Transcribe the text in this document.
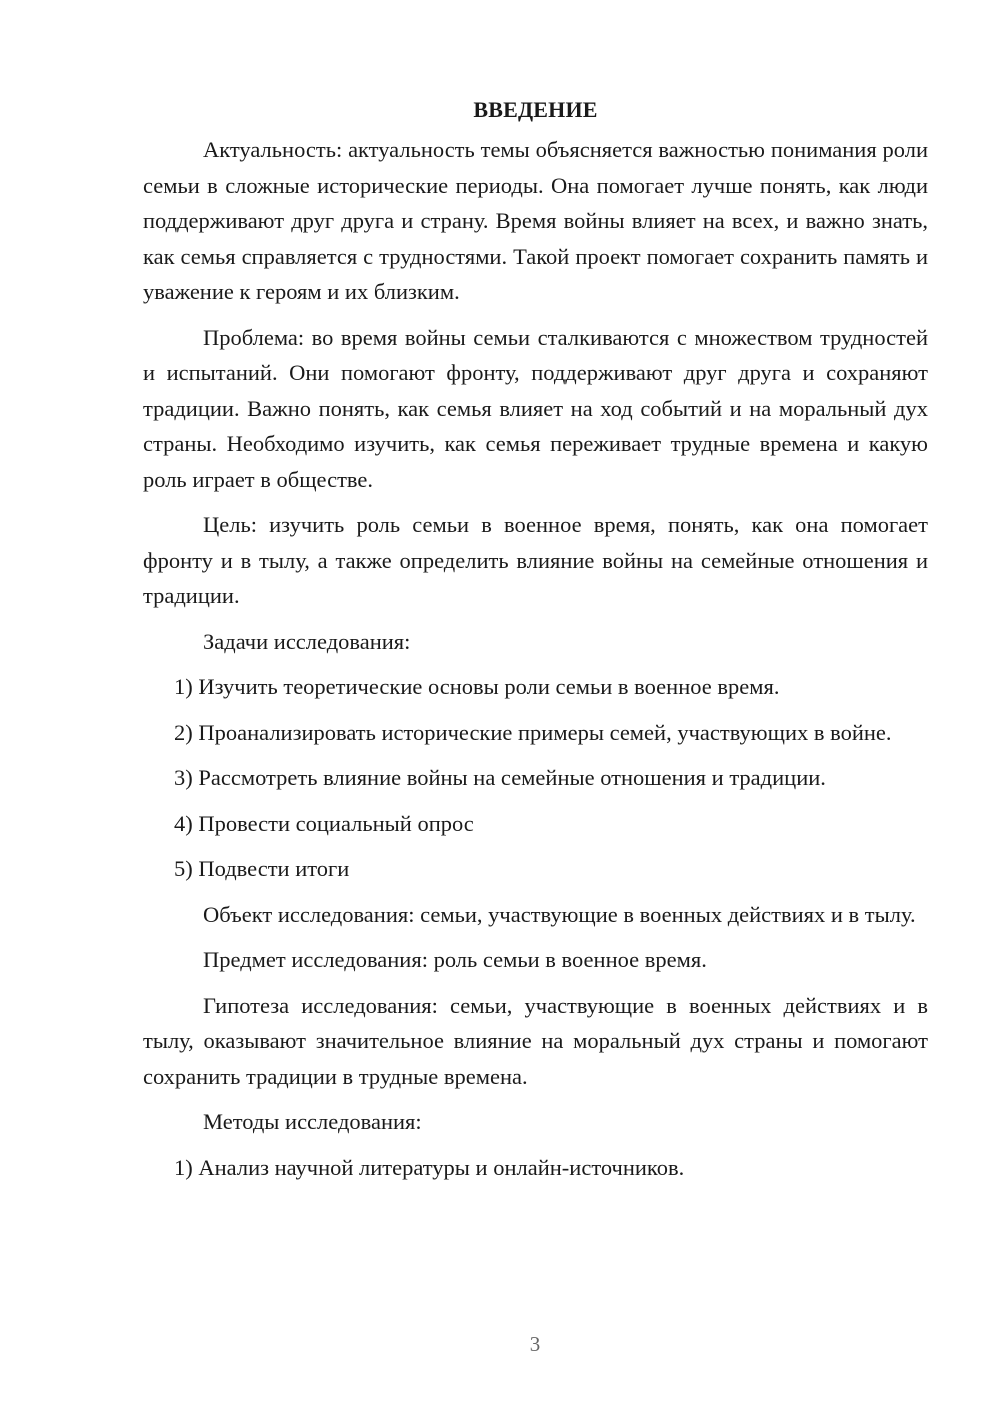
ВВЕДЕНИЕ

Актуальность: актуальность темы объясняется важностью понимания роли семьи в сложные исторические периоды. Она помогает лучше понять, как люди поддерживают друг друга и страну. Время войны влияет на всех, и важно знать, как семья справляется с трудностями. Такой проект помогает сохранить память и уважение к героям и их близким.

Проблема: во время войны семьи сталкиваются с множеством трудностей и испытаний. Они помогают фронту, поддерживают друг друга и сохраняют традиции. Важно понять, как семья влияет на ход событий и на моральный дух страны. Необходимо изучить, как семья переживает трудные времена и какую роль играет в обществе.

Цель: изучить роль семьи в военное время, понять, как она помогает фронту и в тылу, а также определить влияние войны на семейные отношения и традиции.

Задачи исследования:

1) Изучить теоретические основы роли семьи в военное время.

2) Проанализировать исторические примеры семей, участвующих в войне.

3) Рассмотреть влияние войны на семейные отношения и традиции.

4) Провести социальный опрос

5) Подвести итоги

Объект исследования: семьи, участвующие в военных действиях и в тылу.

Предмет исследования: роль семьи в военное время.

Гипотеза исследования: семьи, участвующие в военных действиях и в тылу, оказывают значительное влияние на моральный дух страны и помогают сохранить традиции в трудные времена.

Методы исследования:

1) Анализ научной литературы и онлайн-источников.

3
